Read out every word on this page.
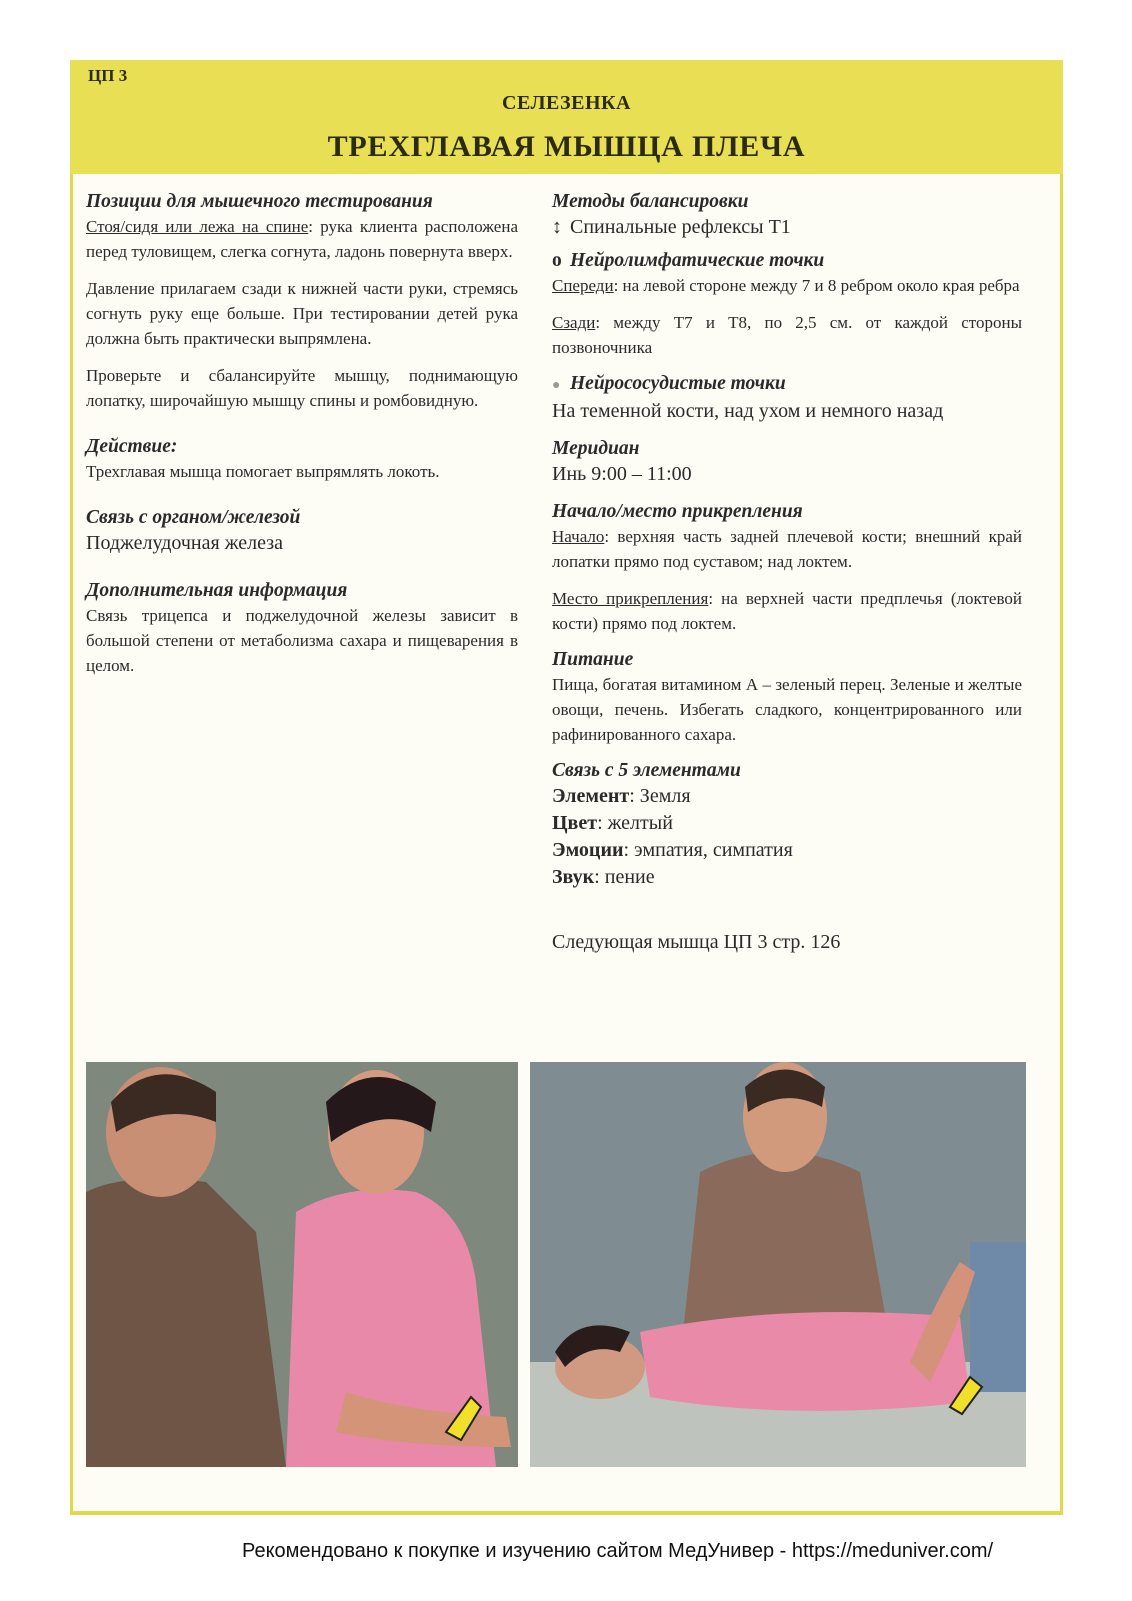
ЦП 3
СЕЛЕЗЕНКА
ТРЕХГЛАВАЯ МЫШЦА ПЛЕЧА
Позиции для мышечного тестирования

Стоя/сидя или лежа на спине: рука клиента расположена перед туловищем, слегка согнута, ладонь повернута вверх.

Давление прилагаем сзади к нижней части руки, стремясь согнуть руку еще больше. При тестировании детей рука должна быть практически выпрямлена.

Проверьте и сбалансируйте мышцу, поднимающую лопатку, широчайшую мышцу спины и ромбовидную.

Действие:

Трехглавая мышца помогает выпрямлять локоть.

Связь с органом/железой

Поджелудочная железа

Дополнительная информация

Связь трицепса и поджелудочной железы зависит в большой степени от метаболизма сахара и пищеварения в целом.

Методы балансировки

↕ Спинальные рефлексы Т1

o Нейролимфатические точки

Спереди: на левой стороне между 7 и 8 ребром около края ребра

Сзади: между Т7 и Т8, по 2,5 см. от каждой стороны позвоночника

● Нейрососудистые точки

На теменной кости, над ухом и немного назад

Меридиан

Инь 9:00 – 11:00

Начало/место прикрепления

Начало: верхняя часть задней плечевой кости; внешний край лопатки прямо под суставом; над локтем.

Место прикрепления: на верхней части предплечья (локтевой кости) прямо под локтем.

Питание

Пища, богатая витамином А – зеленый перец. Зеленые и желтые овощи, печень. Избегать сладкого, концентрированного или рафинированного сахара.

Связь с 5 элементами

Элемент: Земля

Цвет: желтый

Эмоции: эмпатия, симпатия

Звук: пение

Следующая мышца ЦП 3 стр. 126

Рекомендовано к покупке и изучению сайтом МедУнивер - https://meduniver.com/
